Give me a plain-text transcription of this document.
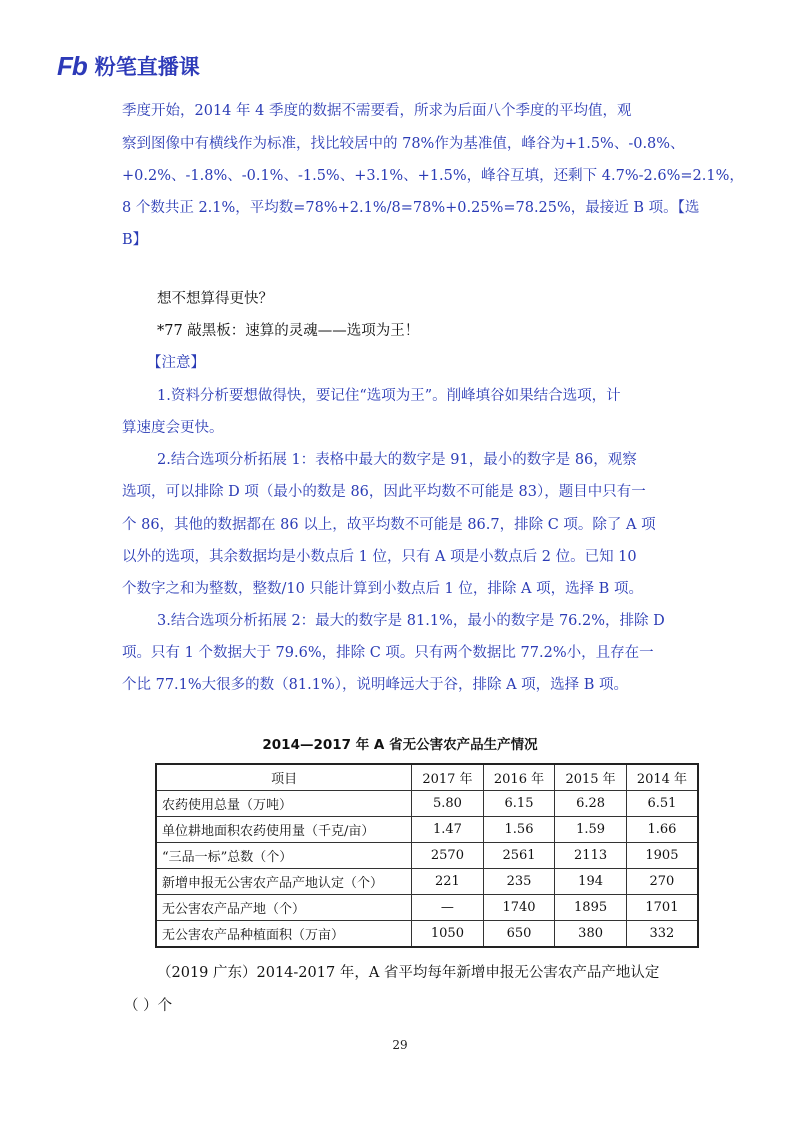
Fb 粉笔直播课
季度开始，2014 年 4 季度的数据不需要看，所求为后面八个季度的平均值，观
察到图像中有横线作为标准，找比较居中的 78%作为基准值，峰谷为+1.5%、-0.8%、
+0.2%、-1.8%、-0.1%、-1.5%、+3.1%、+1.5%，峰谷互填，还剩下 4.7%-2.6%=2.1%，
8 个数共正 2.1%，平均数=78%+2.1%/8=78%+0.25%=78.25%，最接近 B 项。【选
B】
想不想算得更快？
*77 敲黑板：速算的灵魂——选项为王！
【注意】
1.资料分析要想做得快，要记住“选项为王”。削峰填谷如果结合选项，计
算速度会更快。
2.结合选项分析拓展 1：表格中最大的数字是 91，最小的数字是 86，观察
选项，可以排除 D 项（最小的数是 86，因此平均数不可能是 83），题目中只有一
个 86，其他的数据都在 86 以上，故平均数不可能是 86.7，排除 C 项。除了 A 项
以外的选项，其余数据均是小数点后 1 位，只有 A 项是小数点后 2 位。已知 10
个数字之和为整数，整数/10 只能计算到小数点后 1 位，排除 A 项，选择 B 项。
3.结合选项分析拓展 2：最大的数字是 81.1%，最小的数字是 76.2%，排除 D
项。只有 1 个数据大于 79.6%，排除 C 项。只有两个数据比 77.2%小，且存在一
个比 77.1%大很多的数（81.1%），说明峰远大于谷，排除 A 项，选择 B 项。
2014—2017 年 A 省无公害农产品生产情况
项目	2017 年	2016 年	2015 年	2014 年
农药使用总量（万吨）	5.80	6.15	6.28	6.51
单位耕地面积农药使用量（千克/亩）	1.47	1.56	1.59	1.66
“三品一标”总数（个）	2570	2561	2113	1905
新增申报无公害农产品产地认定（个）	221	235	194	270
无公害农产品产地（个）	—	1740	1895	1701
无公害农产品种植面积（万亩）	1050	650	380	332
（2019 广东）2014-2017 年，A 省平均每年新增申报无公害农产品产地认定
（ ）个
29
